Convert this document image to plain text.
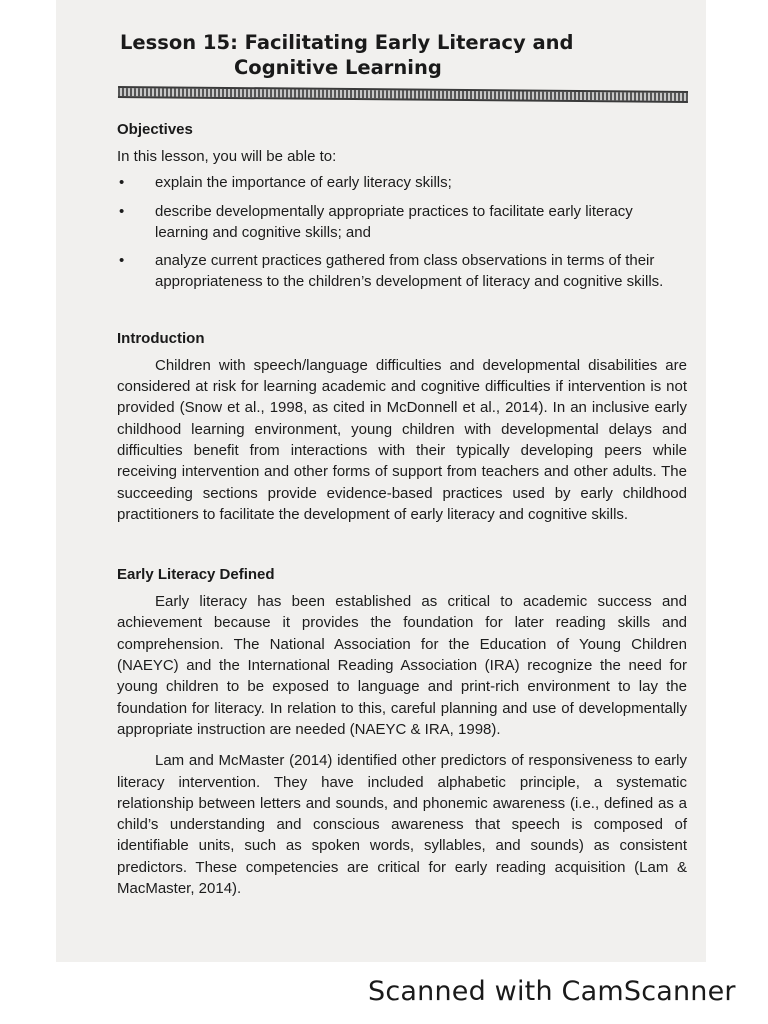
Lesson 15: Facilitating Early Literacy and
Cognitive Learning
Objectives

In this lesson, you will be able to:

• explain the importance of early literacy skills;
• describe developmentally appropriate practices to facilitate early literacy learning and cognitive skills; and
• analyze current practices gathered from class observations in terms of their appropriateness to the children’s development of literacy and cognitive skills.
Introduction

Children with speech/language difficulties and developmental disabilities are considered at risk for learning academic and cognitive difficulties if intervention is not provided (Snow et al., 1998, as cited in McDonnell et al., 2014). In an inclusive early childhood learning environment, young children with developmental delays and difficulties benefit from interactions with their typically developing peers while receiving intervention and other forms of support from teachers and other adults. The succeeding sections provide evidence-based practices used by early childhood practitioners to facilitate the development of early literacy and cognitive skills.

Early Literacy Defined

Early literacy has been established as critical to academic success and achievement because it provides the foundation for later reading skills and comprehension. The National Association for the Education of Young Children (NAEYC) and the International Reading Association (IRA) recognize the need for young children to be exposed to language and print-rich environment to lay the foundation for literacy. In relation to this, careful planning and use of developmentally appropriate instruction are needed (NAEYC & IRA, 1998).

Lam and McMaster (2014) identified other predictors of responsiveness to early literacy intervention. They have included alphabetic principle, a systematic relationship between letters and sounds, and phonemic awareness (i.e., defined as a child’s understanding and conscious awareness that speech is composed of identifiable units, such as spoken words, syllables, and sounds) as consistent predictors. These competencies are critical for early reading acquisition (Lam & MacMaster, 2014).

Scanned with CamScanner
